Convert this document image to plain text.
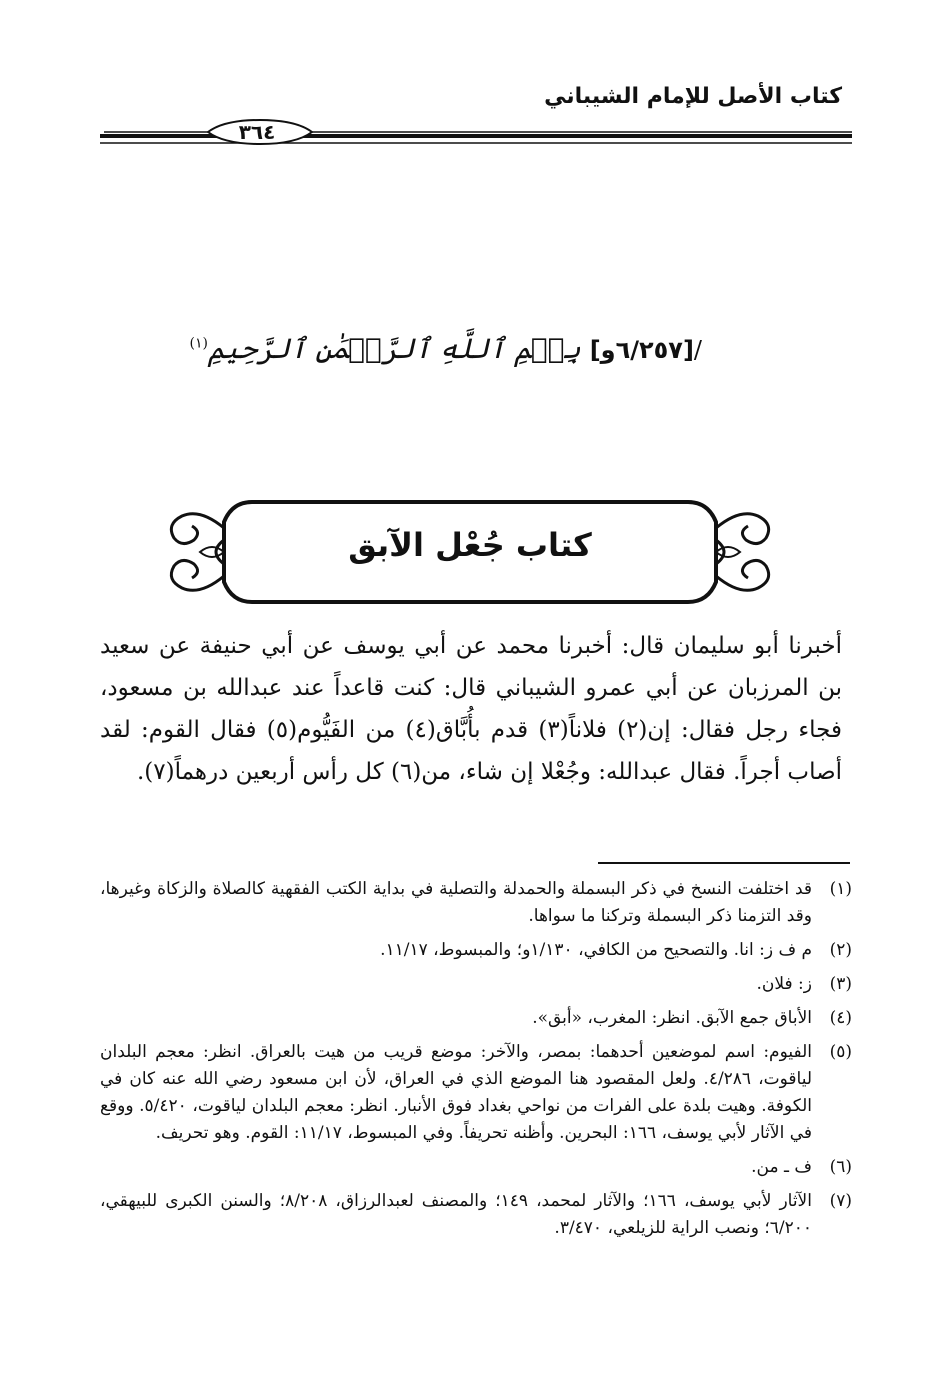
كتاب الأصل للإمام الشيباني
٣٦٤
/[٦/٢٥٧و] بِسۡمِ ٱللَّهِ ٱلرَّحۡمَٰنِ ٱلرَّحِيمِ$^{(١)}$
كتاب جُعْل الآبق

أخبرنا أبو سليمان قال: أخبرنا محمد عن أبي يوسف عن أبي حنيفة عن سعيد بن المرزبان عن أبي عمرو الشيباني قال: كنت قاعداً عند عبدالله بن مسعود، فجاء رجل فقال: إن(٢) فلاناً(٣) قدم بأُبَّاق(٤) من الفَيُّوم(٥) فقال القوم: لقد أصاب أجراً. فقال عبدالله: وجُعْلا إن شاء، من(٦) كل رأس أربعين درهماً(٧).

(١)
قد اختلفت النسخ في ذكر البسملة والحمدلة والتصلية في بداية الكتب الفقهية كالصلاة والزكاة وغيرها، وقد التزمنا ذكر البسملة وتركنا ما سواها.
(٢)
م ف ز: انا. والتصحيح من الكافي، ١/١٣٠و؛ والمبسوط، ١١/١٧.
(٣)
ز: فلان.
(٤)
الأباق جمع الآبق. انظر: المغرب، «أبق».
(٥)
الفيوم: اسم لموضعين أحدهما: بمصر، والآخر: موضع قريب من هيت بالعراق. انظر: معجم البلدان لياقوت، ٤/٢٨٦. ولعل المقصود هنا الموضع الذي في العراق، لأن ابن مسعود رضي الله عنه كان في الكوفة. وهيت بلدة على الفرات من نواحي بغداد فوق الأنبار. انظر: معجم البلدان لياقوت، ٥/٤٢٠. ووقع في الآثار لأبي يوسف، ١٦٦: البحرين. وأظنه تحريفاً. وفي المبسوط، ١١/١٧: القوم. وهو تحريف.
(٦)
ف ـ من.
(٧)
الآثار لأبي يوسف، ١٦٦؛ والآثار لمحمد، ١٤٩؛ والمصنف لعبدالرزاق، ٨/٢٠٨؛ والسنن الكبرى للبيهقي، ٦/٢٠٠؛ ونصب الراية للزيلعي، ٣/٤٧٠.
